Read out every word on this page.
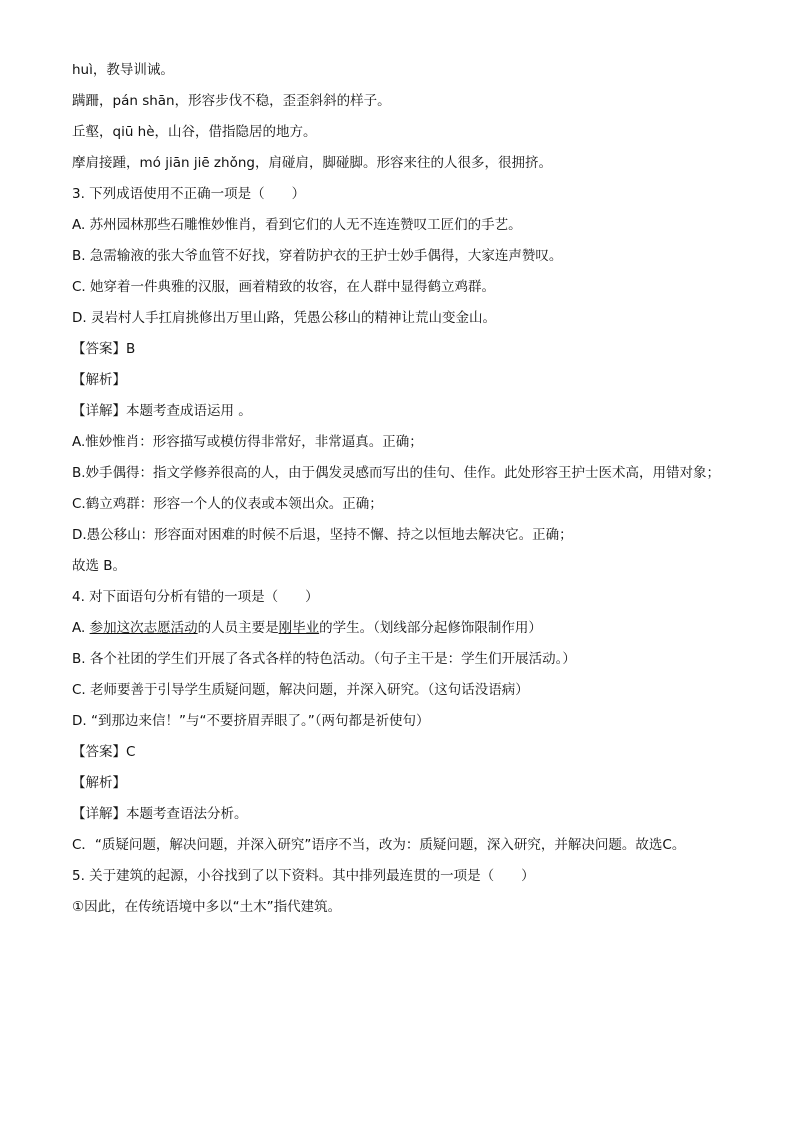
huì，教导训诫。

蹒跚，pán shān，形容步伐不稳，歪歪斜斜的样子。

丘壑，qiū hè，山谷，借指隐居的地方。

摩肩接踵，mó jiān jiē zhǒng，肩碰肩，脚碰脚。形容来往的人很多，很拥挤。

3. 下列成语使用不正确一项是（　　）

A. 苏州园林那些石雕惟妙惟肖，看到它们的人无不连连赞叹工匠们的手艺。

B. 急需输液的张大爷血管不好找，穿着防护衣的王护士妙手偶得，大家连声赞叹。

C. 她穿着一件典雅的汉服，画着精致的妆容，在人群中显得鹤立鸡群。

D. 灵岩村人手扛肩挑修出万里山路，凭愚公移山的精神让荒山变金山。

【答案】B

【解析】

【详解】本题考查成语运用 。

A.惟妙惟肖：形容描写或模仿得非常好，非常逼真。正确；

B.妙手偶得：指文学修养很高的人，由于偶发灵感而写出的佳句、佳作。此处形容王护士医术高，用错对象；

C.鹤立鸡群：形容一个人的仪表或本领出众。正确；

D.愚公移山：形容面对困难的时候不后退，坚持不懈、持之以恒地去解决它。正确；

故选 B。

4. 对下面语句分析有错的一项是（　　）

A. 参加这次志愿活动的人员主要是刚毕业的学生。（划线部分起修饰限制作用）

B. 各个社团的学生们开展了各式各样的特色活动。（句子主干是：学生们开展活动。）

C. 老师要善于引导学生质疑问题，解决问题，并深入研究。（这句话没语病）

D. “到那边来信！”与“不要挤眉弄眼了。”（两句都是祈使句）

【答案】C

【解析】

【详解】本题考查语法分析。

C．“质疑问题，解决问题，并深入研究”语序不当，改为：质疑问题，深入研究，并解决问题。故选C。

5. 关于建筑的起源，小谷找到了以下资料。其中排列最连贯的一项是（　　）

①因此，在传统语境中多以“土木”指代建筑。
